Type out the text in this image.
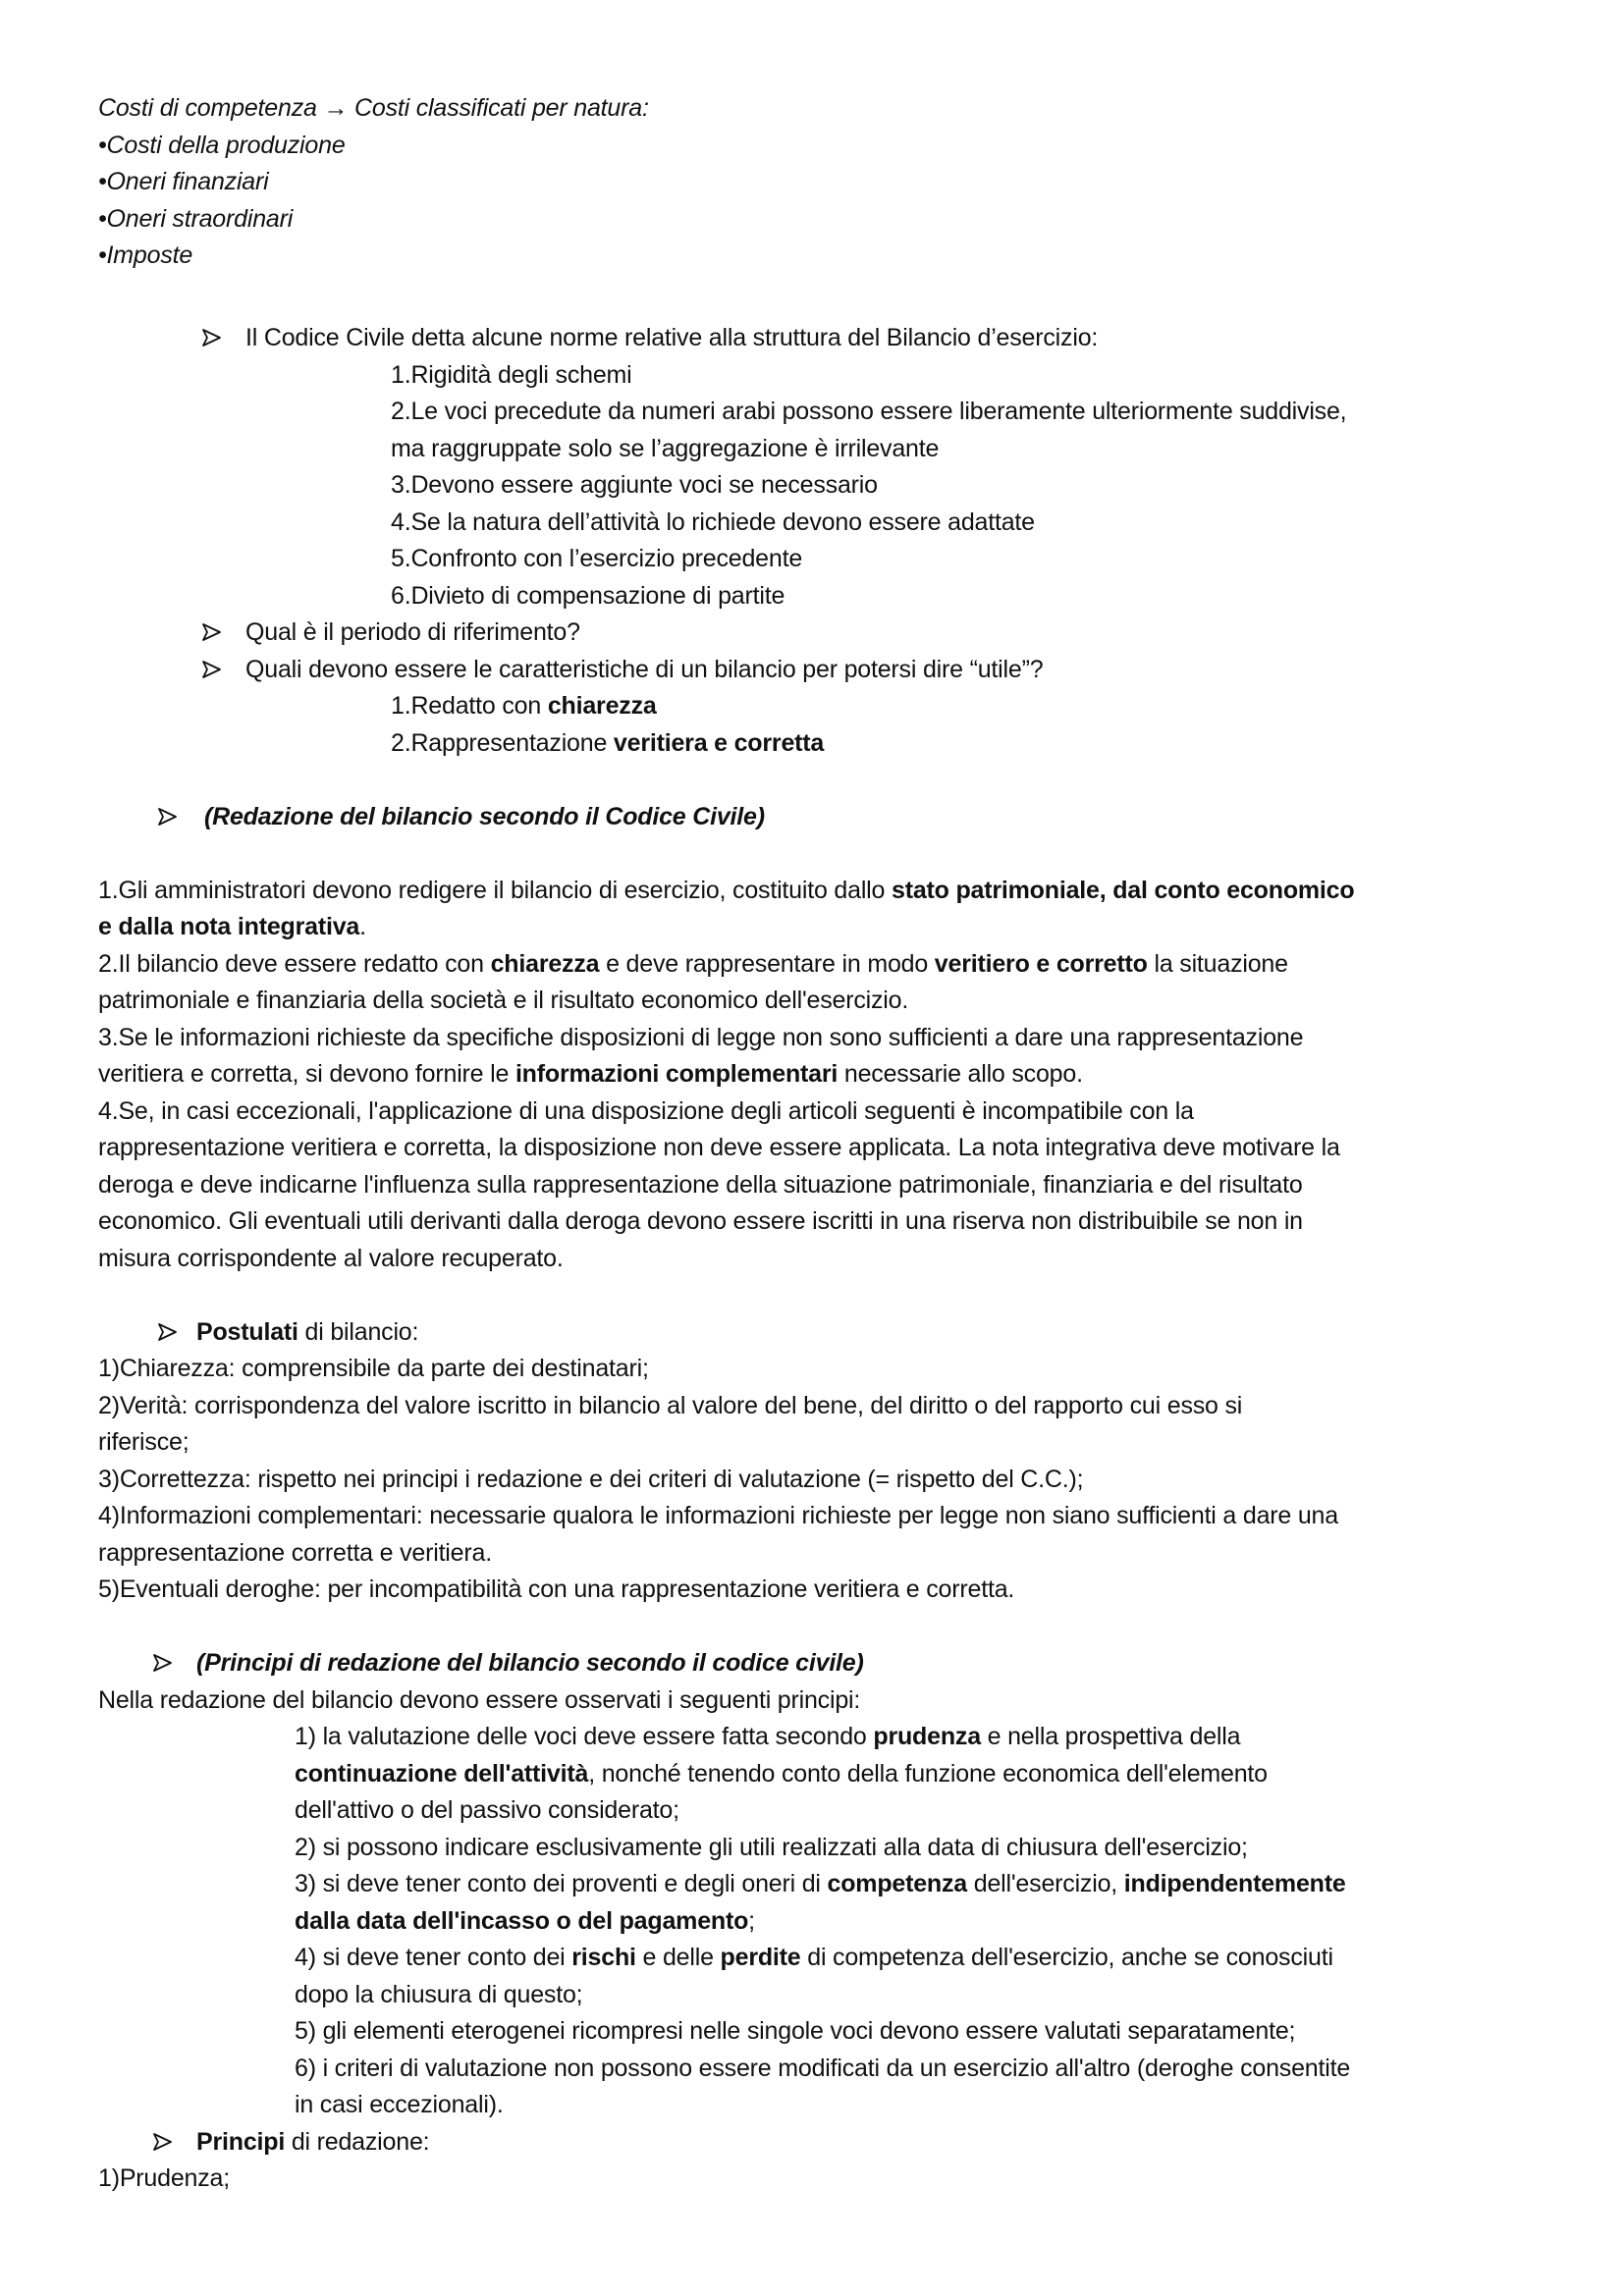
Costi di competenza → Costi classificati per natura:
•Costi della produzione
•Oneri finanziari
•Oneri straordinari
•Imposte
Il Codice Civile detta alcune norme relative alla struttura del Bilancio d’esercizio:
1.Rigidità degli schemi
2.Le voci precedute da numeri arabi possono essere liberamente ulteriormente suddivise,
ma raggruppate solo se l’aggregazione è irrilevante
3.Devono essere aggiunte voci se necessario
4.Se la natura dell’attività lo richiede devono essere adattate
5.Confronto con l’esercizio precedente
6.Divieto di compensazione di partite
Qual è il periodo di riferimento?
Quali devono essere le caratteristiche di un bilancio per potersi dire “utile”?
1.Redatto con chiarezza
2.Rappresentazione veritiera e corretta
(Redazione del bilancio secondo il Codice Civile)
1.Gli amministratori devono redigere il bilancio di esercizio, costituito dallo stato patrimoniale, dal conto economico
e dalla nota integrativa.
2.Il bilancio deve essere redatto con chiarezza e deve rappresentare in modo veritiero e corretto la situazione
patrimoniale e finanziaria della società e il risultato economico dell'esercizio.
3.Se le informazioni richieste da specifiche disposizioni di legge non sono sufficienti a dare una rappresentazione
veritiera e corretta, si devono fornire le informazioni complementari necessarie allo scopo.
4.Se, in casi eccezionali, l'applicazione di una disposizione degli articoli seguenti è incompatibile con la
rappresentazione veritiera e corretta, la disposizione non deve essere applicata. La nota integrativa deve motivare la
deroga e deve indicarne l'influenza sulla rappresentazione della situazione patrimoniale, finanziaria e del risultato
economico. Gli eventuali utili derivanti dalla deroga devono essere iscritti in una riserva non distribuibile se non in
misura corrispondente al valore recuperato.
Postulati di bilancio:
1)Chiarezza: comprensibile da parte dei destinatari;
2)Verità: corrispondenza del valore iscritto in bilancio al valore del bene, del diritto o del rapporto cui esso si
riferisce;
3)Correttezza: rispetto nei principi i redazione e dei criteri di valutazione (= rispetto del C.C.);
4)Informazioni complementari: necessarie qualora le informazioni richieste per legge non siano sufficienti a dare una
rappresentazione corretta e veritiera.
5)Eventuali deroghe: per incompatibilità con una rappresentazione veritiera e corretta.
(Principi di redazione del bilancio secondo il codice civile)
Nella redazione del bilancio devono essere osservati i seguenti principi:
1) la valutazione delle voci deve essere fatta secondo prudenza e nella prospettiva della
continuazione dell'attività, nonché tenendo conto della funzione economica dell'elemento
dell'attivo o del passivo considerato;
2) si possono indicare esclusivamente gli utili realizzati alla data di chiusura dell'esercizio;
3) si deve tener conto dei proventi e degli oneri di competenza dell'esercizio, indipendentemente
dalla data dell'incasso o del pagamento;
4) si deve tener conto dei rischi e delle perdite di competenza dell'esercizio, anche se conosciuti
dopo la chiusura di questo;
5) gli elementi eterogenei ricompresi nelle singole voci devono essere valutati separatamente;
6) i criteri di valutazione non possono essere modificati da un esercizio all'altro (deroghe consentite
in casi eccezionali).
Principi di redazione:
1)Prudenza;
